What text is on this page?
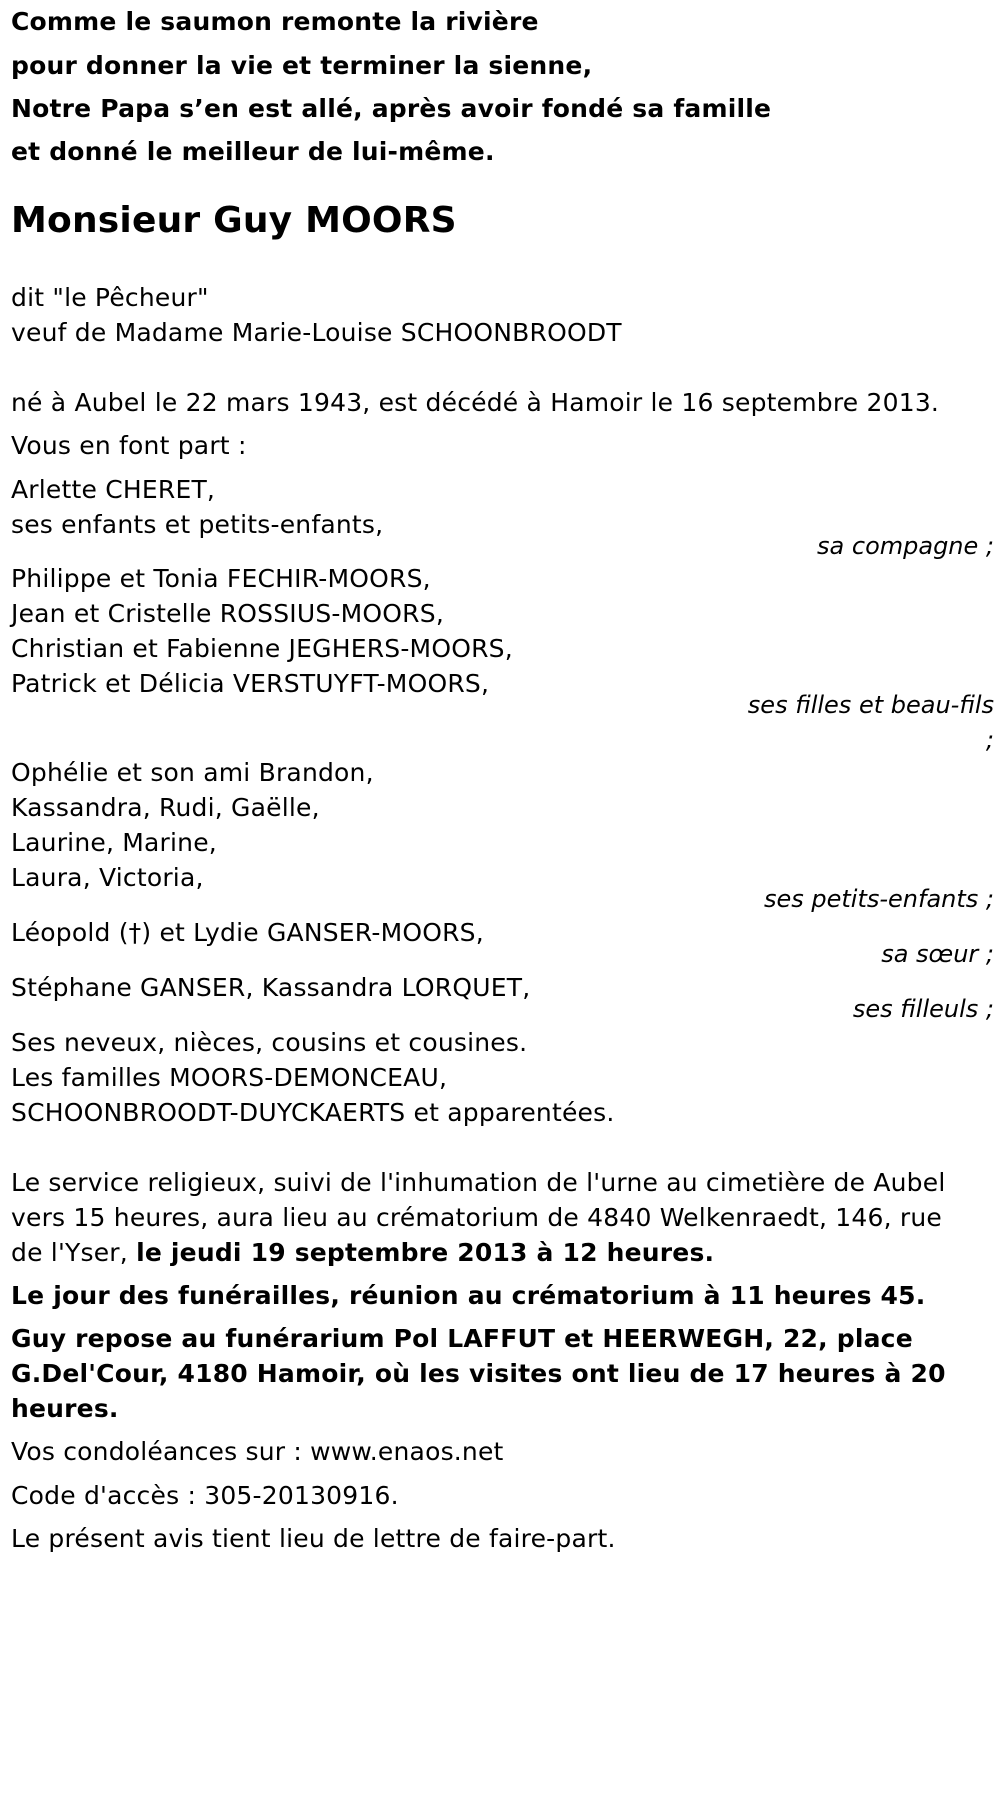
Comme le saumon remonte la rivière

pour donner la vie et terminer la sienne,

Notre Papa s’en est allé, après avoir fondé sa famille

et donné le meilleur de lui-même.

Monsieur Guy MOORS

dit "le Pêcheur"

veuf de Madame Marie-Louise SCHOONBROODT

né à Aubel le 22 mars 1943, est décédé à Hamoir le 16 septembre 2013.

Vous en font part :

Arlette CHERET,

ses enfants et petits-enfants,

sa compagne ;

Philippe et Tonia FECHIR-MOORS,

Jean et Cristelle ROSSIUS-MOORS,

Christian et Fabienne JEGHERS-MOORS,

Patrick et Délicia VERSTUYFT-MOORS,

ses filles et beau-fils

;

Ophélie et son ami Brandon,

Kassandra, Rudi, Gaëlle,

Laurine, Marine,

Laura, Victoria,

ses petits-enfants ;

Léopold (†) et Lydie GANSER-MOORS,

sa sœur ;

Stéphane GANSER, Kassandra LORQUET,

ses filleuls ;

Ses neveux, nièces, cousins et cousines.

Les familles MOORS-DEMONCEAU,

SCHOONBROODT-DUYCKAERTS et apparentées.

Le service religieux, suivi de l'inhumation de l'urne au cimetière de Aubel

vers 15 heures, aura lieu au crématorium de 4840 Welkenraedt, 146, rue

de l'Yser, le jeudi 19 septembre 2013 à 12 heures.

Le jour des funérailles, réunion au crématorium à 11 heures 45.

Guy repose au funérarium Pol LAFFUT et HEERWEGH, 22, place

G.Del'Cour, 4180 Hamoir, où les visites ont lieu de 17 heures à 20

heures.

Vos condoléances sur : www.enaos.net

Code d'accès : 305-20130916.

Le présent avis tient lieu de lettre de faire-part.
